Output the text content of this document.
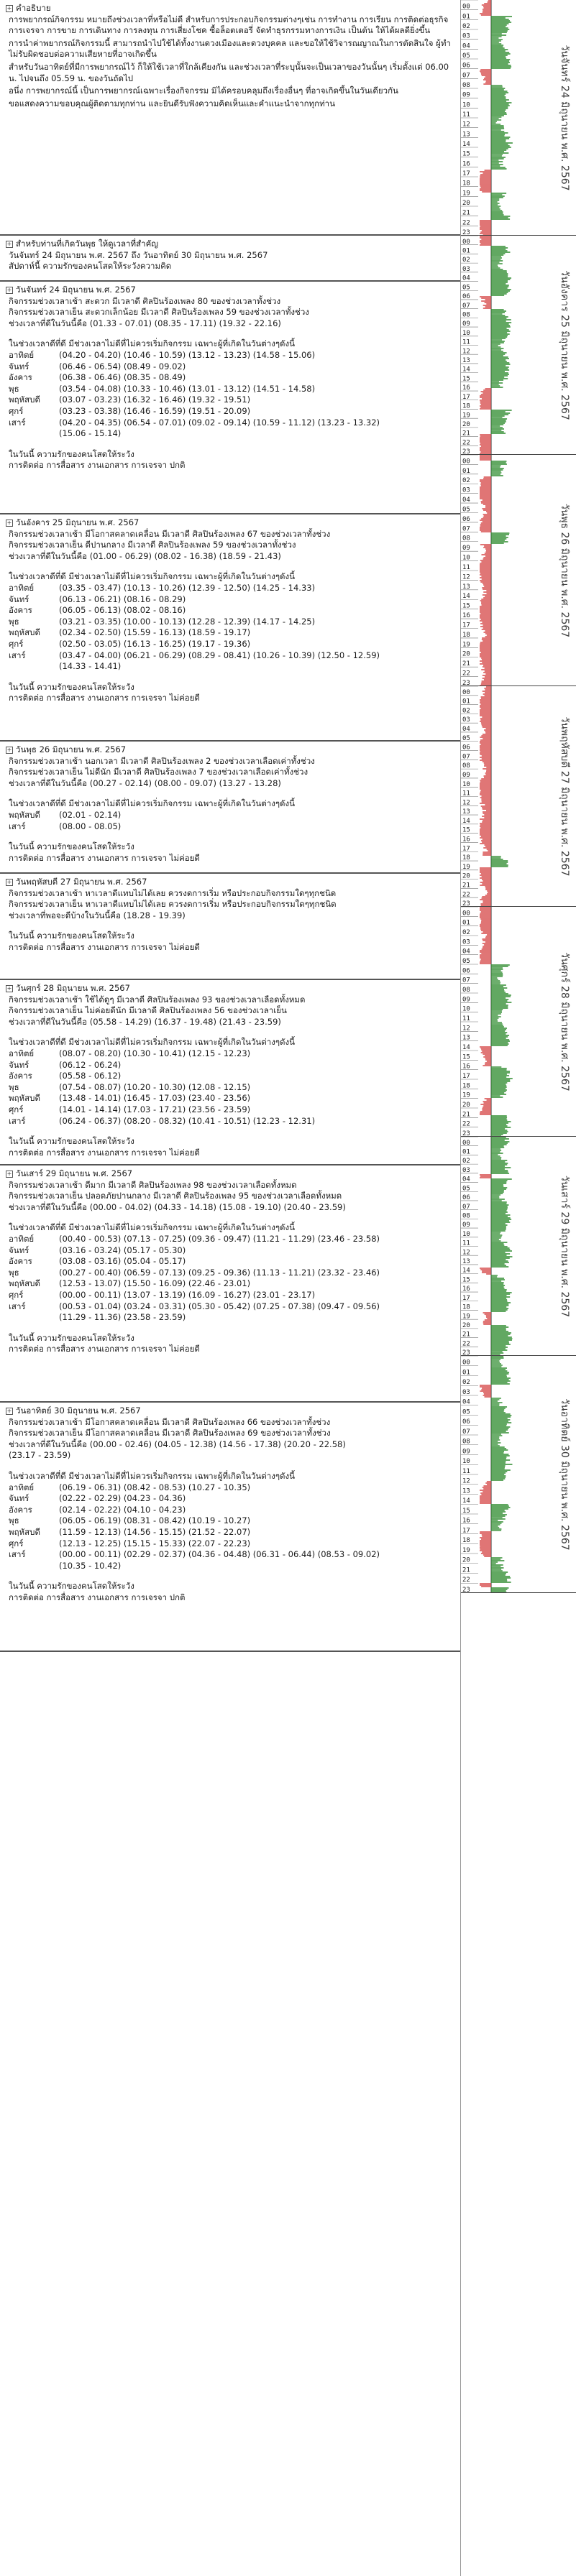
+ คำอธิบาย
การพยากรณ์กิจกรรม หมายถึงช่วงเวลาที่หรือไม่ดี สำหรับการประกอบกิจกรรมต่างๆเช่น การทำงาน การเรียน การติดต่อธุรกิจ การเจรจา การขาย การเดินทาง การลงทุน การเสี่ยงโชค ซื้อล็อตเตอรี่ จัดทำธุรกรรมทางการเงิน เป็นต้น ให้ได้ผลดียิ่งขึ้น
การนำค่าพยากรณ์กิจกรรมนี้ สามารถนำไปใช้ได้ทั้งงานดวงเมืองและดวงบุคคล และขอให้ใช้วิจารณญาณในการตัดสินใจ ผู้ทำไม่รับผิดชอบต่อความเสียหายที่อาจเกิดขึ้น
สำหรับวันอาทิตย์ที่มีการพยากรณ์ไว้ ก็ให้ใช้เวลาที่ใกล้เคียงกัน และช่วงเวลาที่ระบุนั้นจะเป็นเวลาของวันนั้นๆ เริ่มตั้งแต่ 06.00 น. ไปจนถึง 05.59 น. ของวันถัดไป
อนึ่ง การพยากรณ์นี้ เป็นการพยากรณ์เฉพาะเรื่องกิจกรรม มิได้ครอบคลุมถึงเรื่องอื่นๆ ที่อาจเกิดขึ้นในวันเดียวกัน
ขอแสดงความขอบคุณผู้ติดตามทุกท่าน และยินดีรับฟังความคิดเห็นและคำแนะนำจากทุกท่าน
+ สำหรับท่านที่เกิดวันพุธ ให้ดูเวลาที่สำคัญ
วันจันทร์ 24 มิถุนายน พ.ศ. 2567 ถึง วันอาทิตย์ 30 มิถุนายน พ.ศ. 2567
สัปดาห์นี้ ความรักของคนโสดให้ระวังความคิด
+ วันจันทร์ 24 มิถุนายน พ.ศ. 2567
กิจกรรมช่วงเวลาเช้า สะดวก มีเวลาดี ศิลปินร้องเพลง 80 ของช่วงเวลาทั้งช่วง
กิจกรรมช่วงเวลาเย็น สะดวกเล็กน้อย มีเวลาดี ศิลปินร้องเพลง 59 ของช่วงเวลาทั้งช่วง
ช่วงเวลาที่ดีในวันนี้คือ (01.33 - 07.01) (08.35 - 17.11) (19.32 - 22.16)
ในช่วงเวลาดีที่ดี มีช่วงเวลาไม่ดีที่ไม่ควรเริ่มกิจกรรม เฉพาะผู้ที่เกิดในวันต่างๆดังนี้
อาทิตย์	(04.20 - 04.20) (10.46 - 10.59) (13.12 - 13.23) (14.58 - 15.06)
จันทร์	(06.46 - 06.54) (08.49 - 09.02)
อังคาร	(06.38 - 06.46) (08.35 - 08.49)
พุธ	(03.54 - 04.08) (10.33 - 10.46) (13.01 - 13.12) (14.51 - 14.58)
พฤหัสบดี	(03.07 - 03.23) (16.32 - 16.46) (19.32 - 19.51)
ศุกร์	(03.23 - 03.38) (16.46 - 16.59) (19.51 - 20.09)
เสาร์	(04.20 - 04.35) (06.54 - 07.01) (09.02 - 09.14) (10.59 - 11.12) (13.23 - 13.32)
(15.06 - 15.14)
ในวันนี้ ความรักของคนโสดให้ระวัง
การติดต่อ การสื่อสาร งานเอกสาร การเจรจา ปกติ
+ วันอังคาร 25 มิถุนายน พ.ศ. 2567
กิจกรรมช่วงเวลาเช้า มีโอกาสคลาดเคลื่อน มีเวลาดี ศิลปินร้องเพลง 67 ของช่วงเวลาทั้งช่วง
กิจกรรมช่วงเวลาเย็น ดีปานกลาง มีเวลาดี ศิลปินร้องเพลง 59 ของช่วงเวลาทั้งช่วง
ช่วงเวลาที่ดีในวันนี้คือ (01.00 - 06.29) (08.02 - 16.38) (18.59 - 21.43)
ในช่วงเวลาดีที่ดี มีช่วงเวลาไม่ดีที่ไม่ควรเริ่มกิจกรรม เฉพาะผู้ที่เกิดในวันต่างๆดังนี้
อาทิตย์	(03.35 - 03.47) (10.13 - 10.26) (12.39 - 12.50) (14.25 - 14.33)
จันทร์	(06.13 - 06.21) (08.16 - 08.29)
อังคาร	(06.05 - 06.13) (08.02 - 08.16)
พุธ	(03.21 - 03.35) (10.00 - 10.13) (12.28 - 12.39) (14.17 - 14.25)
พฤหัสบดี	(02.34 - 02.50) (15.59 - 16.13) (18.59 - 19.17)
ศุกร์	(02.50 - 03.05) (16.13 - 16.25) (19.17 - 19.36)
เสาร์	(03.47 - 04.00) (06.21 - 06.29) (08.29 - 08.41) (10.26 - 10.39) (12.50 - 12.59)
(14.33 - 14.41)
ในวันนี้ ความรักของคนโสดให้ระวัง
การติดต่อ การสื่อสาร งานเอกสาร การเจรจา ไม่ค่อยดี
+ วันพุธ 26 มิถุนายน พ.ศ. 2567
กิจกรรมช่วงเวลาเช้า นอกเวลา มีเวลาดี ศิลปินร้องเพลง 2 ของช่วงเวลาเลือดเค่าทั้งช่วง
กิจกรรมช่วงเวลาเย็น ไม่ดีนัก มีเวลาดี ศิลปินร้องเพลง 7 ของช่วงเวลาเลือดเค่าทั้งช่วง
ช่วงเวลาที่ดีในวันนี้คือ (00.27 - 02.14) (08.00 - 09.07) (13.27 - 13.28)
ในช่วงเวลาดีที่ดี มีช่วงเวลาไม่ดีที่ไม่ควรเริ่มกิจกรรม เฉพาะผู้ที่เกิดในวันต่างๆดังนี้
พฤหัสบดี	(02.01 - 02.14)
เสาร์	(08.00 - 08.05)
ในวันนี้ ความรักของคนโสดให้ระวัง
การติดต่อ การสื่อสาร งานเอกสาร การเจรจา ไม่ค่อยดี
+ วันพฤหัสบดี 27 มิถุนายน พ.ศ. 2567
กิจกรรมช่วงเวลาเช้า หาเวลาดีแทบไม่ได้เลย ควรงดการเริ่ม หรือประกอบกิจกรรมใดๆทุกชนิด
กิจกรรมช่วงเวลาเย็น หาเวลาดีแทบไม่ได้เลย ควรงดการเริ่ม หรือประกอบกิจกรรมใดๆทุกชนิด
ช่วงเวลาที่พอจะดีบ้างในวันนี้คือ (18.28 - 19.39)
ในวันนี้ ความรักของคนโสดให้ระวัง
การติดต่อ การสื่อสาร งานเอกสาร การเจรจา ไม่ค่อยดี
+ วันศุกร์ 28 มิถุนายน พ.ศ. 2567
กิจกรรมช่วงเวลาเช้า ใช้ได้ดูๆ มีเวลาดี ศิลปินร้องเพลง 93 ของช่วงเวลาเลือดทั้งหมด
กิจกรรมช่วงเวลาเย็น ไม่ค่อยดีนัก มีเวลาดี ศิลปินร้องเพลง 56 ของช่วงเวลาเย็น
ช่วงเวลาที่ดีในวันนี้คือ (05.58 - 14.29) (16.37 - 19.48) (21.43 - 23.59)
ในช่วงเวลาดีที่ดี มีช่วงเวลาไม่ดีที่ไม่ควรเริ่มกิจกรรม เฉพาะผู้ที่เกิดในวันต่างๆดังนี้
อาทิตย์	(08.07 - 08.20) (10.30 - 10.41) (12.15 - 12.23)
จันทร์	(06.12 - 06.24)
อังคาร	(05.58 - 06.12)
พุธ	(07.54 - 08.07) (10.20 - 10.30) (12.08 - 12.15)
พฤหัสบดี	(13.48 - 14.01) (16.45 - 17.03) (23.40 - 23.56)
ศุกร์	(14.01 - 14.14) (17.03 - 17.21) (23.56 - 23.59)
เสาร์	(06.24 - 06.37) (08.20 - 08.32) (10.41 - 10.51) (12.23 - 12.31)
ในวันนี้ ความรักของคนโสดให้ระวัง
การติดต่อ การสื่อสาร งานเอกสาร การเจรจา ไม่ค่อยดี
+ วันเสาร์ 29 มิถุนายน พ.ศ. 2567
กิจกรรมช่วงเวลาเช้า ดีมาก มีเวลาดี ศิลปินร้องเพลง 98 ของช่วงเวลาเลือดทั้งหมด
กิจกรรมช่วงเวลาเย็น ปลอดภัยปานกลาง มีเวลาดี ศิลปินร้องเพลง 95 ของช่วงเวลาเลือดทั้งหมด
ช่วงเวลาที่ดีในวันนี้คือ (00.00 - 04.02) (04.33 - 14.18) (15.08 - 19.10) (20.40 - 23.59)
ในช่วงเวลาดีที่ดี มีช่วงเวลาไม่ดีที่ไม่ควรเริ่มกิจกรรม เฉพาะผู้ที่เกิดในวันต่างๆดังนี้
อาทิตย์	(00.40 - 00.53) (07.13 - 07.25) (09.36 - 09.47) (11.21 - 11.29) (23.46 - 23.58)
จันทร์	(03.16 - 03.24) (05.17 - 05.30)
อังคาร	(03.08 - 03.16) (05.04 - 05.17)
พุธ	(00.27 - 00.40) (06.59 - 07.13) (09.25 - 09.36) (11.13 - 11.21) (23.32 - 23.46)
พฤหัสบดี	(12.53 - 13.07) (15.50 - 16.09) (22.46 - 23.01)
ศุกร์	(00.00 - 00.11) (13.07 - 13.19) (16.09 - 16.27) (23.01 - 23.17)
เสาร์	(00.53 - 01.04) (03.24 - 03.31) (05.30 - 05.42) (07.25 - 07.38) (09.47 - 09.56)
(11.29 - 11.36) (23.58 - 23.59)
ในวันนี้ ความรักของคนโสดให้ระวัง
การติดต่อ การสื่อสาร งานเอกสาร การเจรจา ไม่ค่อยดี
+ วันอาทิตย์ 30 มิถุนายน พ.ศ. 2567
กิจกรรมช่วงเวลาเช้า มีโอกาสคลาดเคลื่อน มีเวลาดี ศิลปินร้องเพลง 66 ของช่วงเวลาทั้งช่วง
กิจกรรมช่วงเวลาเย็น มีโอกาสคลาดเคลื่อน มีเวลาดี ศิลปินร้องเพลง 69 ของช่วงเวลาทั้งช่วง
ช่วงเวลาที่ดีในวันนี้คือ (00.00 - 02.46) (04.05 - 12.38) (14.56 - 17.38) (20.20 - 22.58)
(23.17 - 23.59)
ในช่วงเวลาดีที่ดี มีช่วงเวลาไม่ดีที่ไม่ควรเริ่มกิจกรรม เฉพาะผู้ที่เกิดในวันต่างๆดังนี้
อาทิตย์	(06.19 - 06.31) (08.42 - 08.53) (10.27 - 10.35)
จันทร์	(02.22 - 02.29) (04.23 - 04.36)
อังคาร	(02.14 - 02.22) (04.10 - 04.23)
พุธ	(06.05 - 06.19) (08.31 - 08.42) (10.19 - 10.27)
พฤหัสบดี	(11.59 - 12.13) (14.56 - 15.15) (21.52 - 22.07)
ศุกร์	(12.13 - 12.25) (15.15 - 15.33) (22.07 - 22.23)
เสาร์	(00.00 - 00.11) (02.29 - 02.37) (04.36 - 04.48) (06.31 - 06.44) (08.53 - 09.02)
(10.35 - 10.42)
ในวันนี้ ความรักของคนโสดให้ระวัง
การติดต่อ การสื่อสาร งานเอกสาร การเจรจา ปกติ
00
01
02
03
04
05
06
07
08
09
10
11
12
13
14
15
16
17
18
19
20
21
22
23
วันจันทร์ 24 มิถุนายน พ.ศ. 2567
00
01
02
03
04
05
06
07
08
09
10
11
12
13
14
15
16
17
18
19
20
21
22
23
วันอังคาร 25 มิถุนายน พ.ศ. 2567
00
01
02
03
04
05
06
07
08
09
10
11
12
13
14
15
16
17
18
19
20
21
22
23
วันพุธ 26 มิถุนายน พ.ศ. 2567
00
01
02
03
04
05
06
07
08
09
10
11
12
13
14
15
16
17
18
19
20
21
22
23
วันพฤหัสบดี 27 มิถุนายน พ.ศ. 2567
00
01
02
03
04
05
06
07
08
09
10
11
12
13
14
15
16
17
18
19
20
21
22
23
วันศุกร์ 28 มิถุนายน พ.ศ. 2567
00
01
02
03
04
05
06
07
08
09
10
11
12
13
14
15
16
17
18
19
20
21
22
23
วันเสาร์ 29 มิถุนายน พ.ศ. 2567
00
01
02
03
04
05
06
07
08
09
10
11
12
13
14
15
16
17
18
19
20
21
22
23
วันอาทิตย์ 30 มิถุนายน พ.ศ. 2567
